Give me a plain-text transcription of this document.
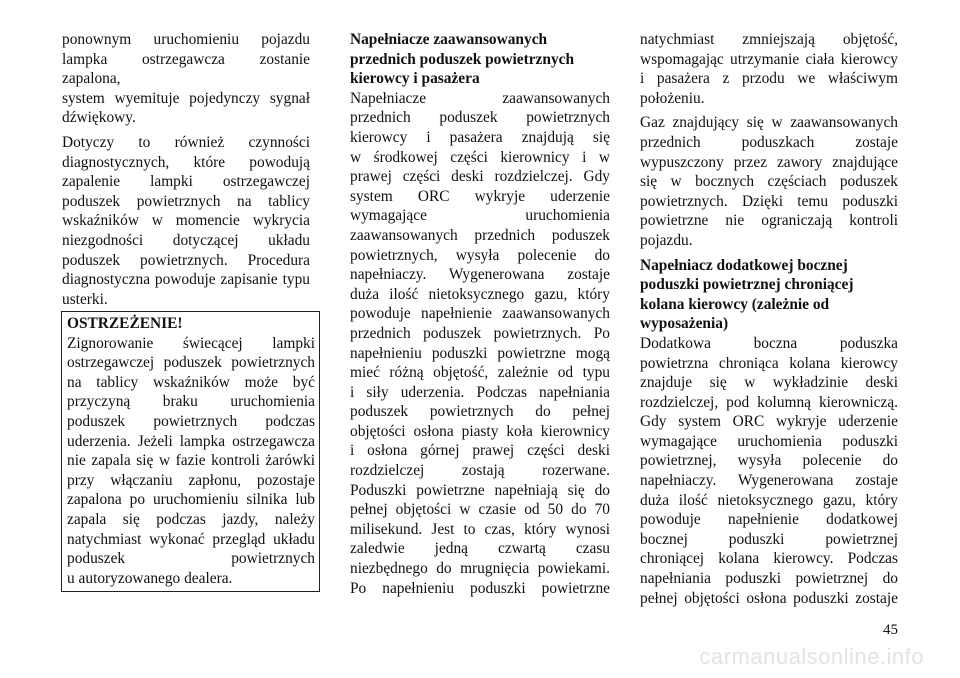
ponownym uruchomieniu pojazdu
lampka ostrzegawcza zostanie zapalona,
system wyemituje pojedynczy sygnał
dźwiękowy.
Dotyczy to również czynności
diagnostycznych, które powodują
zapalenie lampki ostrzegawczej
poduszek powietrznych na tablicy
wskaźników w momencie wykrycia
niezgodności dotyczącej układu
poduszek powietrznych. Procedura
diagnostyczna powoduje zapisanie typu
usterki.
OSTRZEŻENIE!
Zignorowanie świecącej lampki
ostrzegawczej poduszek powietrznych
na tablicy wskaźników może być
przyczyną braku uruchomienia
poduszek powietrznych podczas
uderzenia. Jeżeli lampka ostrzegawcza
nie zapala się w fazie kontroli żarówki
przy włączaniu zapłonu, pozostaje
zapalona po uruchomieniu silnika lub
zapala się podczas jazdy, należy
natychmiast wykonać przegląd układu
poduszek powietrznych
u autoryzowanego dealera.
Napełniacze zaawansowanych
przednich poduszek powietrznych
kierowcy i pasażera
Napełniacze zaawansowanych
przednich poduszek powietrznych
kierowcy i pasażera znajdują się
w środkowej części kierownicy i w
prawej części deski rozdzielczej. Gdy
system ORC wykryje uderzenie
wymagające uruchomienia
zaawansowanych przednich poduszek
powietrznych, wysyła polecenie do
napełniaczy. Wygenerowana zostaje
duża ilość nietoksycznego gazu, który
powoduje napełnienie zaawansowanych
przednich poduszek powietrznych. Po
napełnieniu poduszki powietrzne mogą
mieć różną objętość, zależnie od typu
i siły uderzenia. Podczas napełniania
poduszek powietrznych do pełnej
objętości osłona piasty koła kierownicy
i osłona górnej prawej części deski
rozdzielczej zostają rozerwane.
Poduszki powietrzne napełniają się do
pełnej objętości w czasie od 50 do 70
milisekund. Jest to czas, który wynosi
zaledwie jedną czwartą czasu
niezbędnego do mrugnięcia powiekami.
Po napełnieniu poduszki powietrzne
natychmiast zmniejszają objętość,
wspomagając utrzymanie ciała kierowcy
i pasażera z przodu we właściwym
położeniu.
Gaz znajdujący się w zaawansowanych
przednich poduszkach zostaje
wypuszczony przez zawory znajdujące
się w bocznych częściach poduszek
powietrznych. Dzięki temu poduszki
powietrzne nie ograniczają kontroli
pojazdu.
Napełniacz dodatkowej bocznej
poduszki powietrznej chroniącej
kolana kierowcy (zależnie od
wyposażenia)
Dodatkowa boczna poduszka
powietrzna chroniąca kolana kierowcy
znajduje się w wykładzinie deski
rozdzielczej, pod kolumną kierowniczą.
Gdy system ORC wykryje uderzenie
wymagające uruchomienia poduszki
powietrznej, wysyła polecenie do
napełniaczy. Wygenerowana zostaje
duża ilość nietoksycznego gazu, który
powoduje napełnienie dodatkowej
bocznej poduszki powietrznej
chroniącej kolana kierowcy. Podczas
napełniania poduszki powietrznej do
pełnej objętości osłona poduszki zostaje
45
carmanualsonline.info
